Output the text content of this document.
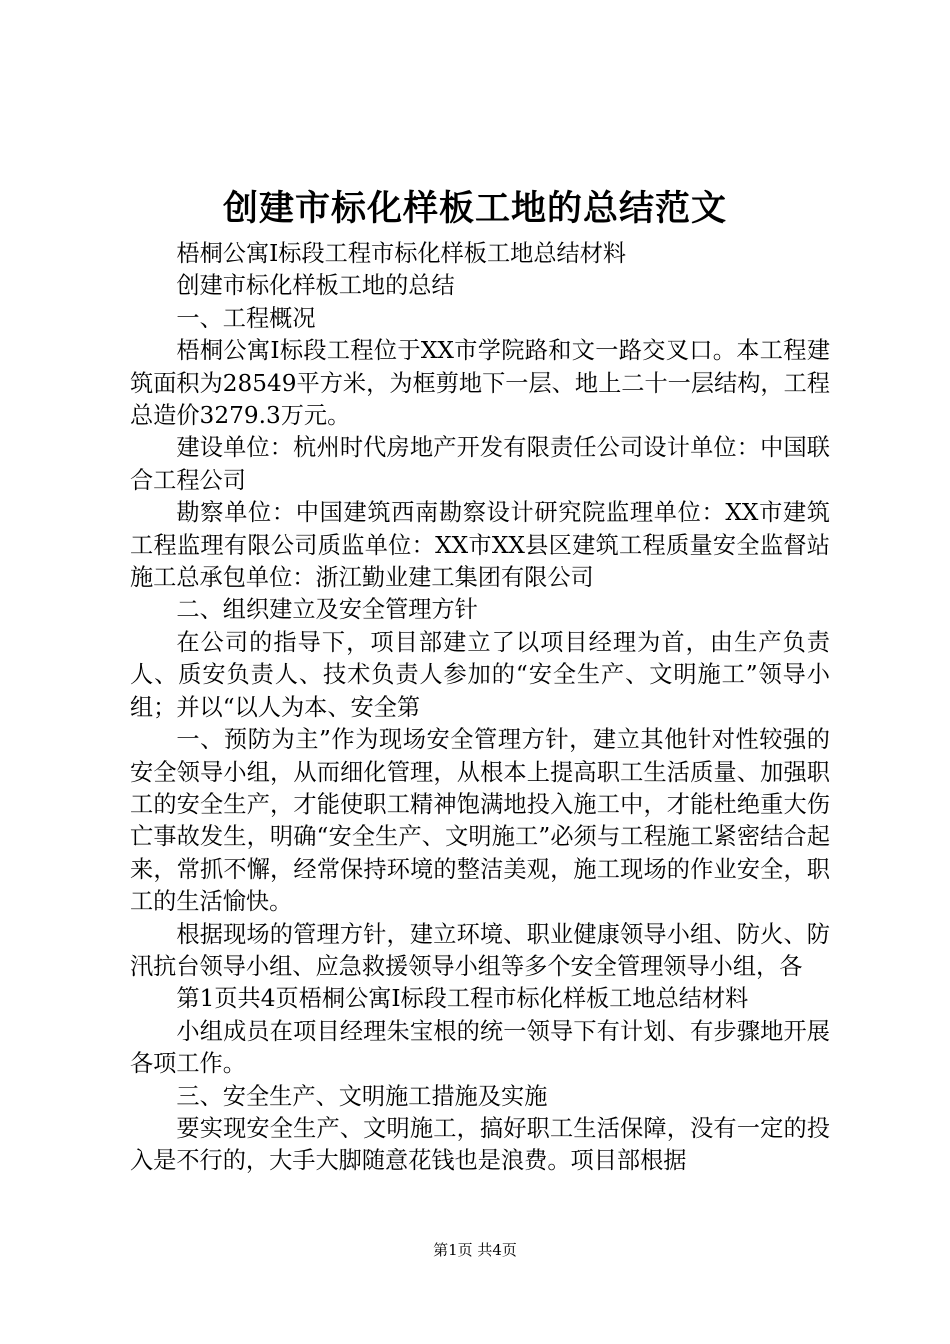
创建市标化样板工地的总结范文

梧桐公寓Ⅰ标段工程市标化样板工地总结材料

创建市标化样板工地的总结

一、工程概况

梧桐公寓Ⅰ标段工程位于XX市学院路和文一路交叉口。本工程建筑面积为28549平方米，为框剪地下一层、地上二十一层结构，工程总造价3279.3万元。

建设单位：杭州时代房地产开发有限责任公司设计单位：中国联合工程公司

勘察单位：中国建筑西南勘察设计研究院监理单位：XX市建筑工程监理有限公司质监单位：XX市XX县区建筑工程质量安全监督站施工总承包单位：浙江勤业建工集团有限公司

二、组织建立及安全管理方针

在公司的指导下，项目部建立了以项目经理为首，由生产负责人、质安负责人、技术负责人参加的“安全生产、文明施工”领导小组；并以“以人为本、安全第

一、预防为主”作为现场安全管理方针，建立其他针对性较强的安全领导小组，从而细化管理，从根本上提高职工生活质量、加强职工的安全生产，才能使职工精神饱满地投入施工中，才能杜绝重大伤亡事故发生，明确“安全生产、文明施工”必须与工程施工紧密结合起来，常抓不懈，经常保持环境的整洁美观，施工现场的作业安全，职工的生活愉快。

根据现场的管理方针，建立环境、职业健康领导小组、防火、防汛抗台领导小组、应急救援领导小组等多个安全管理领导小组，各

第1页共4页梧桐公寓Ⅰ标段工程市标化样板工地总结材料

小组成员在项目经理朱宝根的统一领导下有计划、有步骤地开展各项工作。

三、安全生产、文明施工措施及实施

要实现安全生产、文明施工，搞好职工生活保障，没有一定的投入是不行的，大手大脚随意花钱也是浪费。项目部根据

第1页 共4页
